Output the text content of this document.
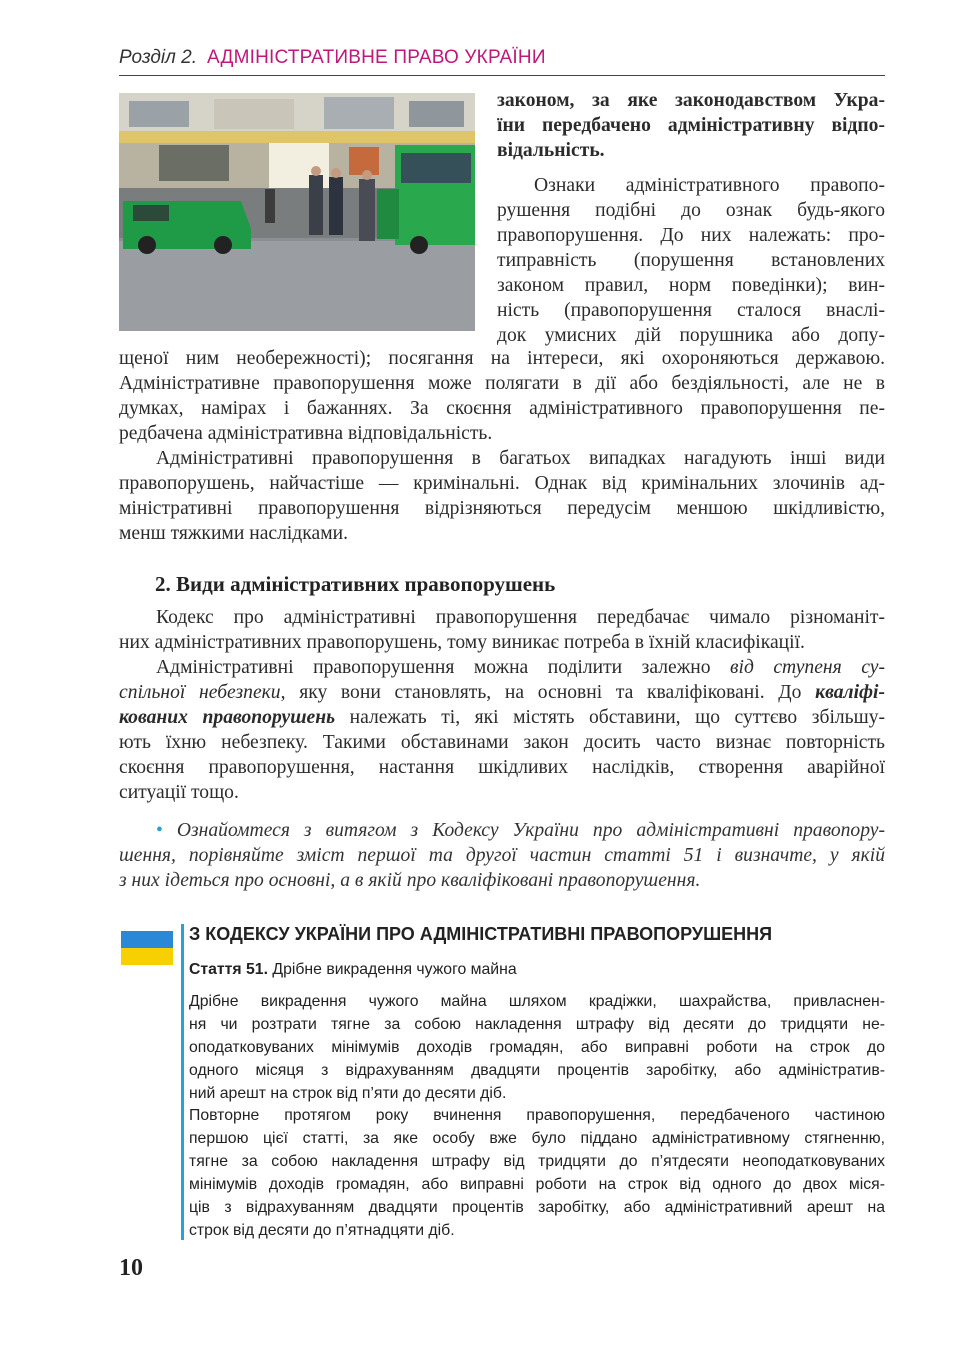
Розділ 2. АДМІНІСТРАТИВНЕ ПРАВО УКРАЇНИ
законом, за яке законодавством Укра-
їни передбачено адміністративну відпо-
відальність.
Ознаки адміністративного правопо-
рушення подібні до ознак будь-якого
правопорушення. До них належать: про-
типравність (порушення встановлених
законом правил, норм поведінки); вин-
ність (правопорушення сталося внаслі-
док умисних дій порушника або допу-
щеної ним необережності); посягання на інтереси, які охороняються державою.
Адміністративне правопорушення може полягати в дії або бездіяльності, але не в
думках, намірах і бажаннях. За скоєння адміністративного правопорушення пе-
редбачена адміністративна відповідальність.
Адміністративні правопорушення в багатьох випадках нагадують інші види
правопорушень, найчастіше — кримінальні. Однак від кримінальних злочинів ад-
міністративні правопорушення відрізняються передусім меншою шкідливістю,
менш тяжкими наслідками.
2. Види адміністративних правопорушень
Кодекс про адміністративні правопорушення передбачає чимало різноманіт-
них адміністративних правопорушень, тому виникає потреба в їхній класифікації.
Адміністративні правопорушення можна поділити залежно від ступеня су-
спільної небезпеки, яку вони становлять, на основні та кваліфіковані. До кваліфі-
кованих правопорушень належать ті, які містять обставини, що суттєво збільшу-
ють їхню небезпеку. Такими обставинами закон досить часто визнає повторність
скоєння правопорушення, настання шкідливих наслідків, створення аварійної
ситуації тощо.
• Ознайомтеся з витягом з Кодексу України про адміністративні правопору-
шення, порівняйте зміст першої та другої частин статті 51 і визначте, у якій
з них ідеться про основні, а в якій про кваліфіковані правопорушення.
З КОДЕКСУ УКРАЇНИ ПРО АДМІНІСТРАТИВНІ ПРАВОПОРУШЕННЯ
Стаття 51. Дрібне викрадення чужого майна
Дрібне викрадення чужого майна шляхом крадіжки, шахрайства, привласнен-
ня чи розтрати тягне за собою накладення штрафу від десяти до тридцяти не-
оподатковуваних мінімумів доходів громадян, або виправні роботи на строк до
одного місяця з відрахуванням двадцяти процентів заробітку, або адміністратив-
ний арешт на строк від п’яти до десяти діб.
Повторне протягом року вчинення правопорушення, передбаченого частиною
першою цієї статті, за яке особу вже було піддано адміністративному стягненню,
тягне за собою накладення штрафу від тридцяти до п’ятдесяти неоподатковуваних
мінімумів доходів громадян, або виправні роботи на строк від одного до двох міся-
ців з відрахуванням двадцяти процентів заробітку, або адміністративний арешт на
строк від десяти до п’ятнадцяти діб.
10
